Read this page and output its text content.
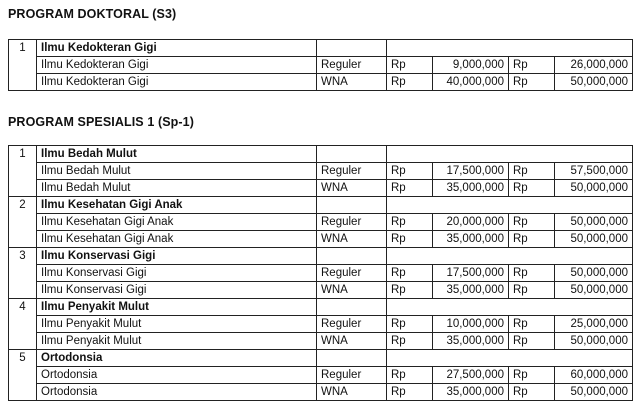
PROGRAM DOKTORAL (S3)
1	Ilmu Kedokteran Gigi					
	Ilmu Kedokteran Gigi	Reguler	Rp	9,000,000	Rp	26,000,000
	Ilmu Kedokteran Gigi	WNA	Rp	40,000,000	Rp	50,000,000
PROGRAM SPESIALIS 1 (Sp-1)
1	Ilmu Bedah Mulut					
	Ilmu Bedah Mulut	Reguler	Rp	17,500,000	Rp	57,500,000
	Ilmu Bedah Mulut	WNA	Rp	35,000,000	Rp	50,000,000
2	Ilmu Kesehatan Gigi Anak					
	Ilmu Kesehatan Gigi Anak	Reguler	Rp	20,000,000	Rp	50,000,000
	Ilmu Kesehatan Gigi Anak	WNA	Rp	35,000,000	Rp	50,000,000
3	Ilmu Konservasi Gigi					
	Ilmu Konservasi Gigi	Reguler	Rp	17,500,000	Rp	50,000,000
	Ilmu Konservasi Gigi	WNA	Rp	35,000,000	Rp	50,000,000
4	Ilmu Penyakit Mulut					
	Ilmu Penyakit Mulut	Reguler	Rp	10,000,000	Rp	25,000,000
	Ilmu Penyakit Mulut	WNA	Rp	35,000,000	Rp	50,000,000
5	Ortodonsia					
	Ortodonsia	Reguler	Rp	27,500,000	Rp	60,000,000
	Ortodonsia	WNA	Rp	35,000,000	Rp	50,000,000
